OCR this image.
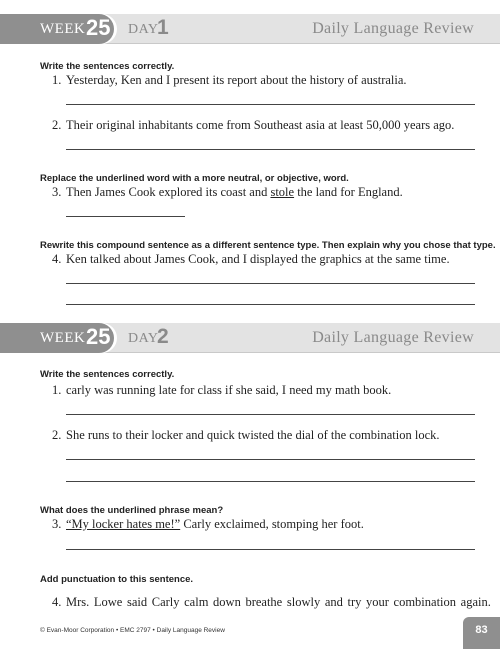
WEEK 25 DAY
1	Daily Language Review
Write the sentences correctly.
1. Yesterday, Ken and I present its report about the history of australia.
2. Their original inhabitants come from Southeast asia at least 50,000 years ago.
Replace the underlined word with a more neutral, or objective, word.
3. Then James Cook explored its coast and stole the land for England.
Rewrite this compound sentence as a different sentence type. Then explain why you chose that type.
4. Ken talked about James Cook, and I displayed the graphics at the same time.
WEEK 25 DAY
2	Daily Language Review
Write the sentences correctly.
1. carly was running late for class if she said, I need my math book.
2. She runs to their locker and quick twisted the dial of the combination lock.
What does the underlined phrase mean?
3. “My locker hates me!” Carly exclaimed, stomping her foot.
Add punctuation to this sentence.
4. Mrs. Lowe said Carly calm down breathe slowly and try your combination again.
© Evan-Moor Corporation • EMC 2797 • Daily Language Review	83
